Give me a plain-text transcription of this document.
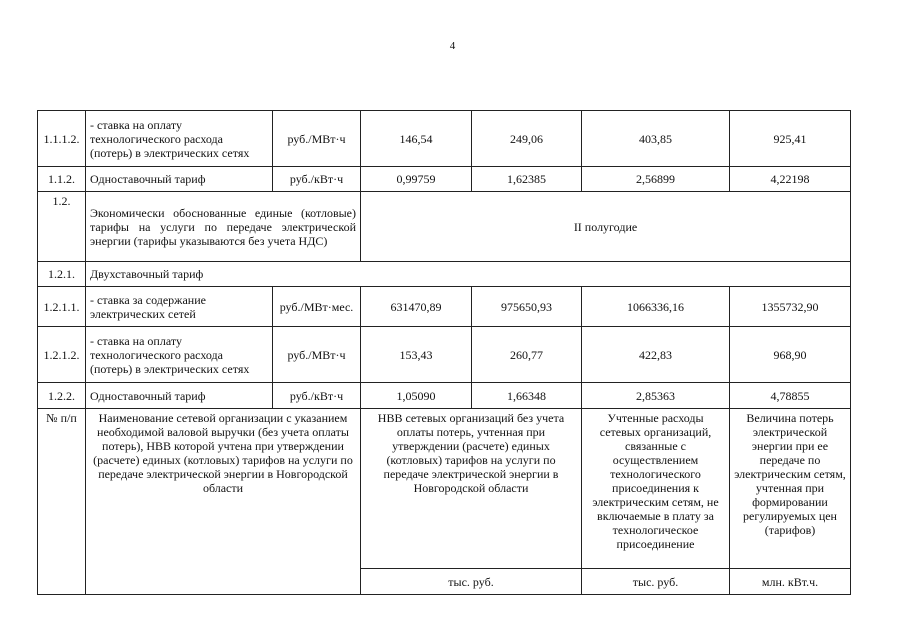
4
1.1.1.2.	- ставка на оплату технологического расхода (потерь) в электрических сетях	руб./МВт·ч	146,54	249,06	403,85	925,41
1.1.2.	Одноставочный тариф	руб./кВт·ч	0,99759	1,62385	2,56899	4,22198
1.2.	Экономически обоснованные единые (котловые) тарифы на услуги по передаче электрической энергии (тарифы указываются без учета НДС)		II полугодие			
1.2.1.	Двухставочный тариф					
1.2.1.1.	- ставка за содержание электрических сетей	руб./МВт·мес.	631470,89	975650,93	1066336,16	1355732,90
1.2.1.2.	- ставка на оплату технологического расхода (потерь) в электрических сетях	руб./МВт·ч	153,43	260,77	422,83	968,90
1.2.2.	Одноставочный тариф	руб./кВт·ч	1,05090	1,66348	2,85363	4,78855
№ п/п	Наименование сетевой организации с указанием необходимой валовой выручки (без учета оплаты потерь), НВВ которой учтена при утверждении (расчете) единых (котловых) тарифов на услуги по передаче электрической энергии в Новгородской области		НВВ сетевых организаций без учета оплаты потерь, учтенная при утверждении (расчете) единых (котловых) тарифов на услуги по передаче электрической энергии в Новгородской области		Учтенные расходы сетевых организаций, связанные с осуществлением технологического присоединения к электрическим сетям, не включаемые в плату за технологическое присоединение	Величина потерь электрической энергии при ее передаче по электрическим сетям, учтенная при формировании регулируемых цен (тарифов)
			тыс. руб.		тыс. руб.	млн. кВт.ч.
